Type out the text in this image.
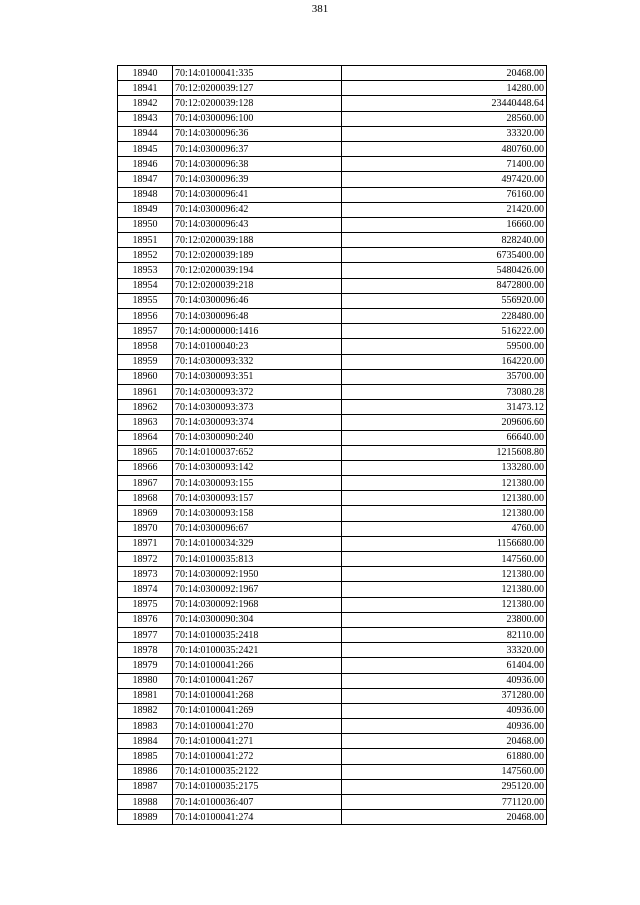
381
18940	70:14:0100041:335	20468.00
18941	70:12:0200039:127	14280.00
18942	70:12:0200039:128	23440448.64
18943	70:14:0300096:100	28560.00
18944	70:14:0300096:36	33320.00
18945	70:14:0300096:37	480760.00
18946	70:14:0300096:38	71400.00
18947	70:14:0300096:39	497420.00
18948	70:14:0300096:41	76160.00
18949	70:14:0300096:42	21420.00
18950	70:14:0300096:43	16660.00
18951	70:12:0200039:188	828240.00
18952	70:12:0200039:189	6735400.00
18953	70:12:0200039:194	5480426.00
18954	70:12:0200039:218	8472800.00
18955	70:14:0300096:46	556920.00
18956	70:14:0300096:48	228480.00
18957	70:14:0000000:1416	516222.00
18958	70:14:0100040:23	59500.00
18959	70:14:0300093:332	164220.00
18960	70:14:0300093:351	35700.00
18961	70:14:0300093:372	73080.28
18962	70:14:0300093:373	31473.12
18963	70:14:0300093:374	209606.60
18964	70:14:0300090:240	66640.00
18965	70:14:0100037:652	1215608.80
18966	70:14:0300093:142	133280.00
18967	70:14:0300093:155	121380.00
18968	70:14:0300093:157	121380.00
18969	70:14:0300093:158	121380.00
18970	70:14:0300096:67	4760.00
18971	70:14:0100034:329	1156680.00
18972	70:14:0100035:813	147560.00
18973	70:14:0300092:1950	121380.00
18974	70:14:0300092:1967	121380.00
18975	70:14:0300092:1968	121380.00
18976	70:14:0300090:304	23800.00
18977	70:14:0100035:2418	82110.00
18978	70:14:0100035:2421	33320.00
18979	70:14:0100041:266	61404.00
18980	70:14:0100041:267	40936.00
18981	70:14:0100041:268	371280.00
18982	70:14:0100041:269	40936.00
18983	70:14:0100041:270	40936.00
18984	70:14:0100041:271	20468.00
18985	70:14:0100041:272	61880.00
18986	70:14:0100035:2122	147560.00
18987	70:14:0100035:2175	295120.00
18988	70:14:0100036:407	771120.00
18989	70:14:0100041:274	20468.00
